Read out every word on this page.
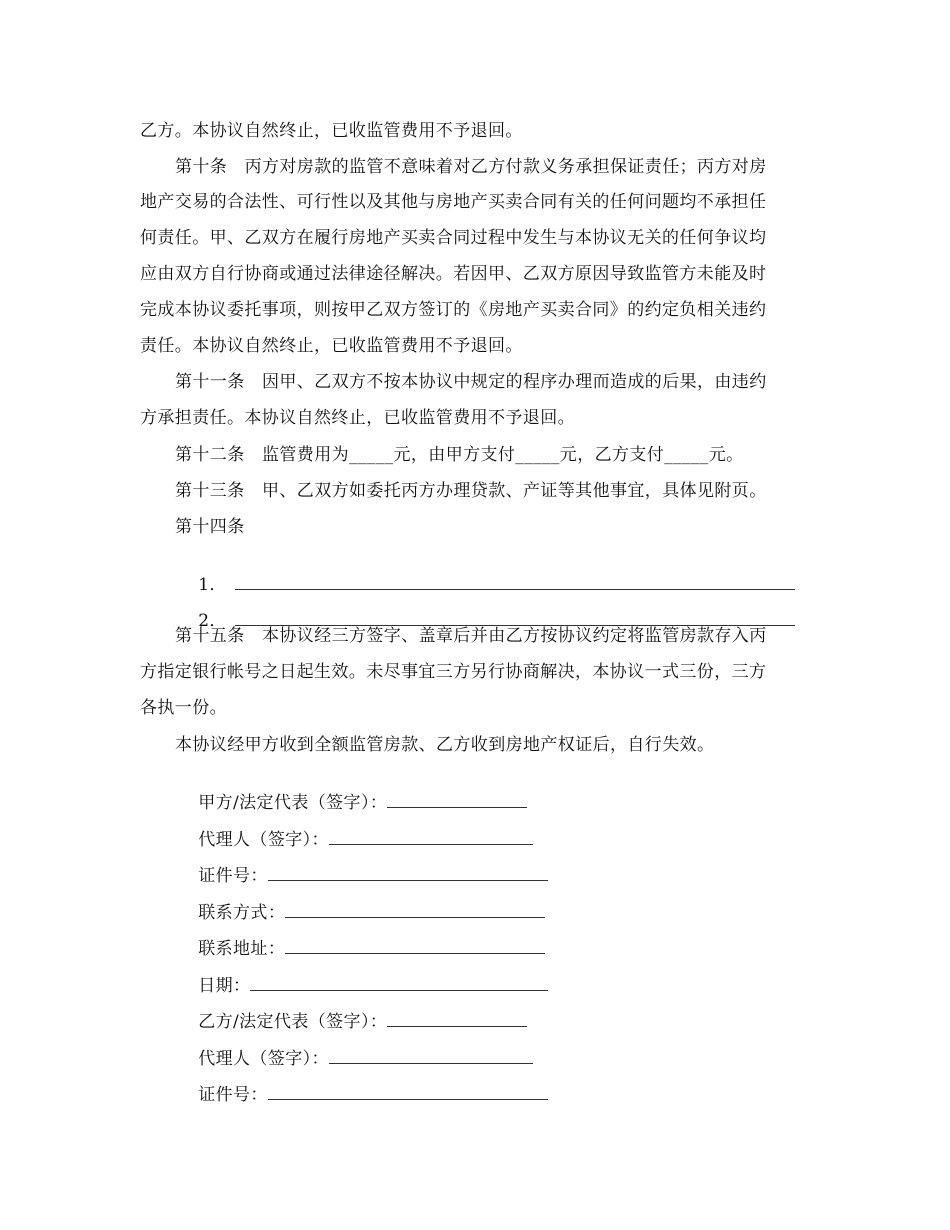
乙方。本协议自然终止，已收监管费用不予退回。
第十条　丙方对房款的监管不意味着对乙方付款义务承担保证责任；丙方对房
地产交易的合法性、可行性以及其他与房地产买卖合同有关的任何问题均不承担任
何责任。甲、乙双方在履行房地产买卖合同过程中发生与本协议无关的任何争议均
应由双方自行协商或通过法律途径解决。若因甲、乙双方原因导致监管方未能及时
完成本协议委托事项，则按甲乙双方签订的《房地产买卖合同》的约定负相关违约
责任。本协议自然终止，已收监管费用不予退回。
第十一条　因甲、乙双方不按本协议中规定的程序办理而造成的后果，由违约
方承担责任。本协议自然终止，已收监管费用不予退回。
第十二条　监管费用为_____元，由甲方支付_____元，乙方支付_____元。
第十三条　甲、乙双方如委托丙方办理贷款、产证等其他事宜，具体见附页。
第十四条

1．

2．

第十五条　本协议经三方签字、盖章后并由乙方按协议约定将监管房款存入丙
方指定银行帐号之日起生效。未尽事宜三方另行协商解决，本协议一式三份，三方
各执一份。
本协议经甲方收到全额监管房款、乙方收到房地产权证后，自行失效。

甲方/法定代表（签字）：

代理人（签字）：

证件号：

联系方式：

联系地址：

日期：

乙方/法定代表（签字）：

代理人（签字）：

证件号：
